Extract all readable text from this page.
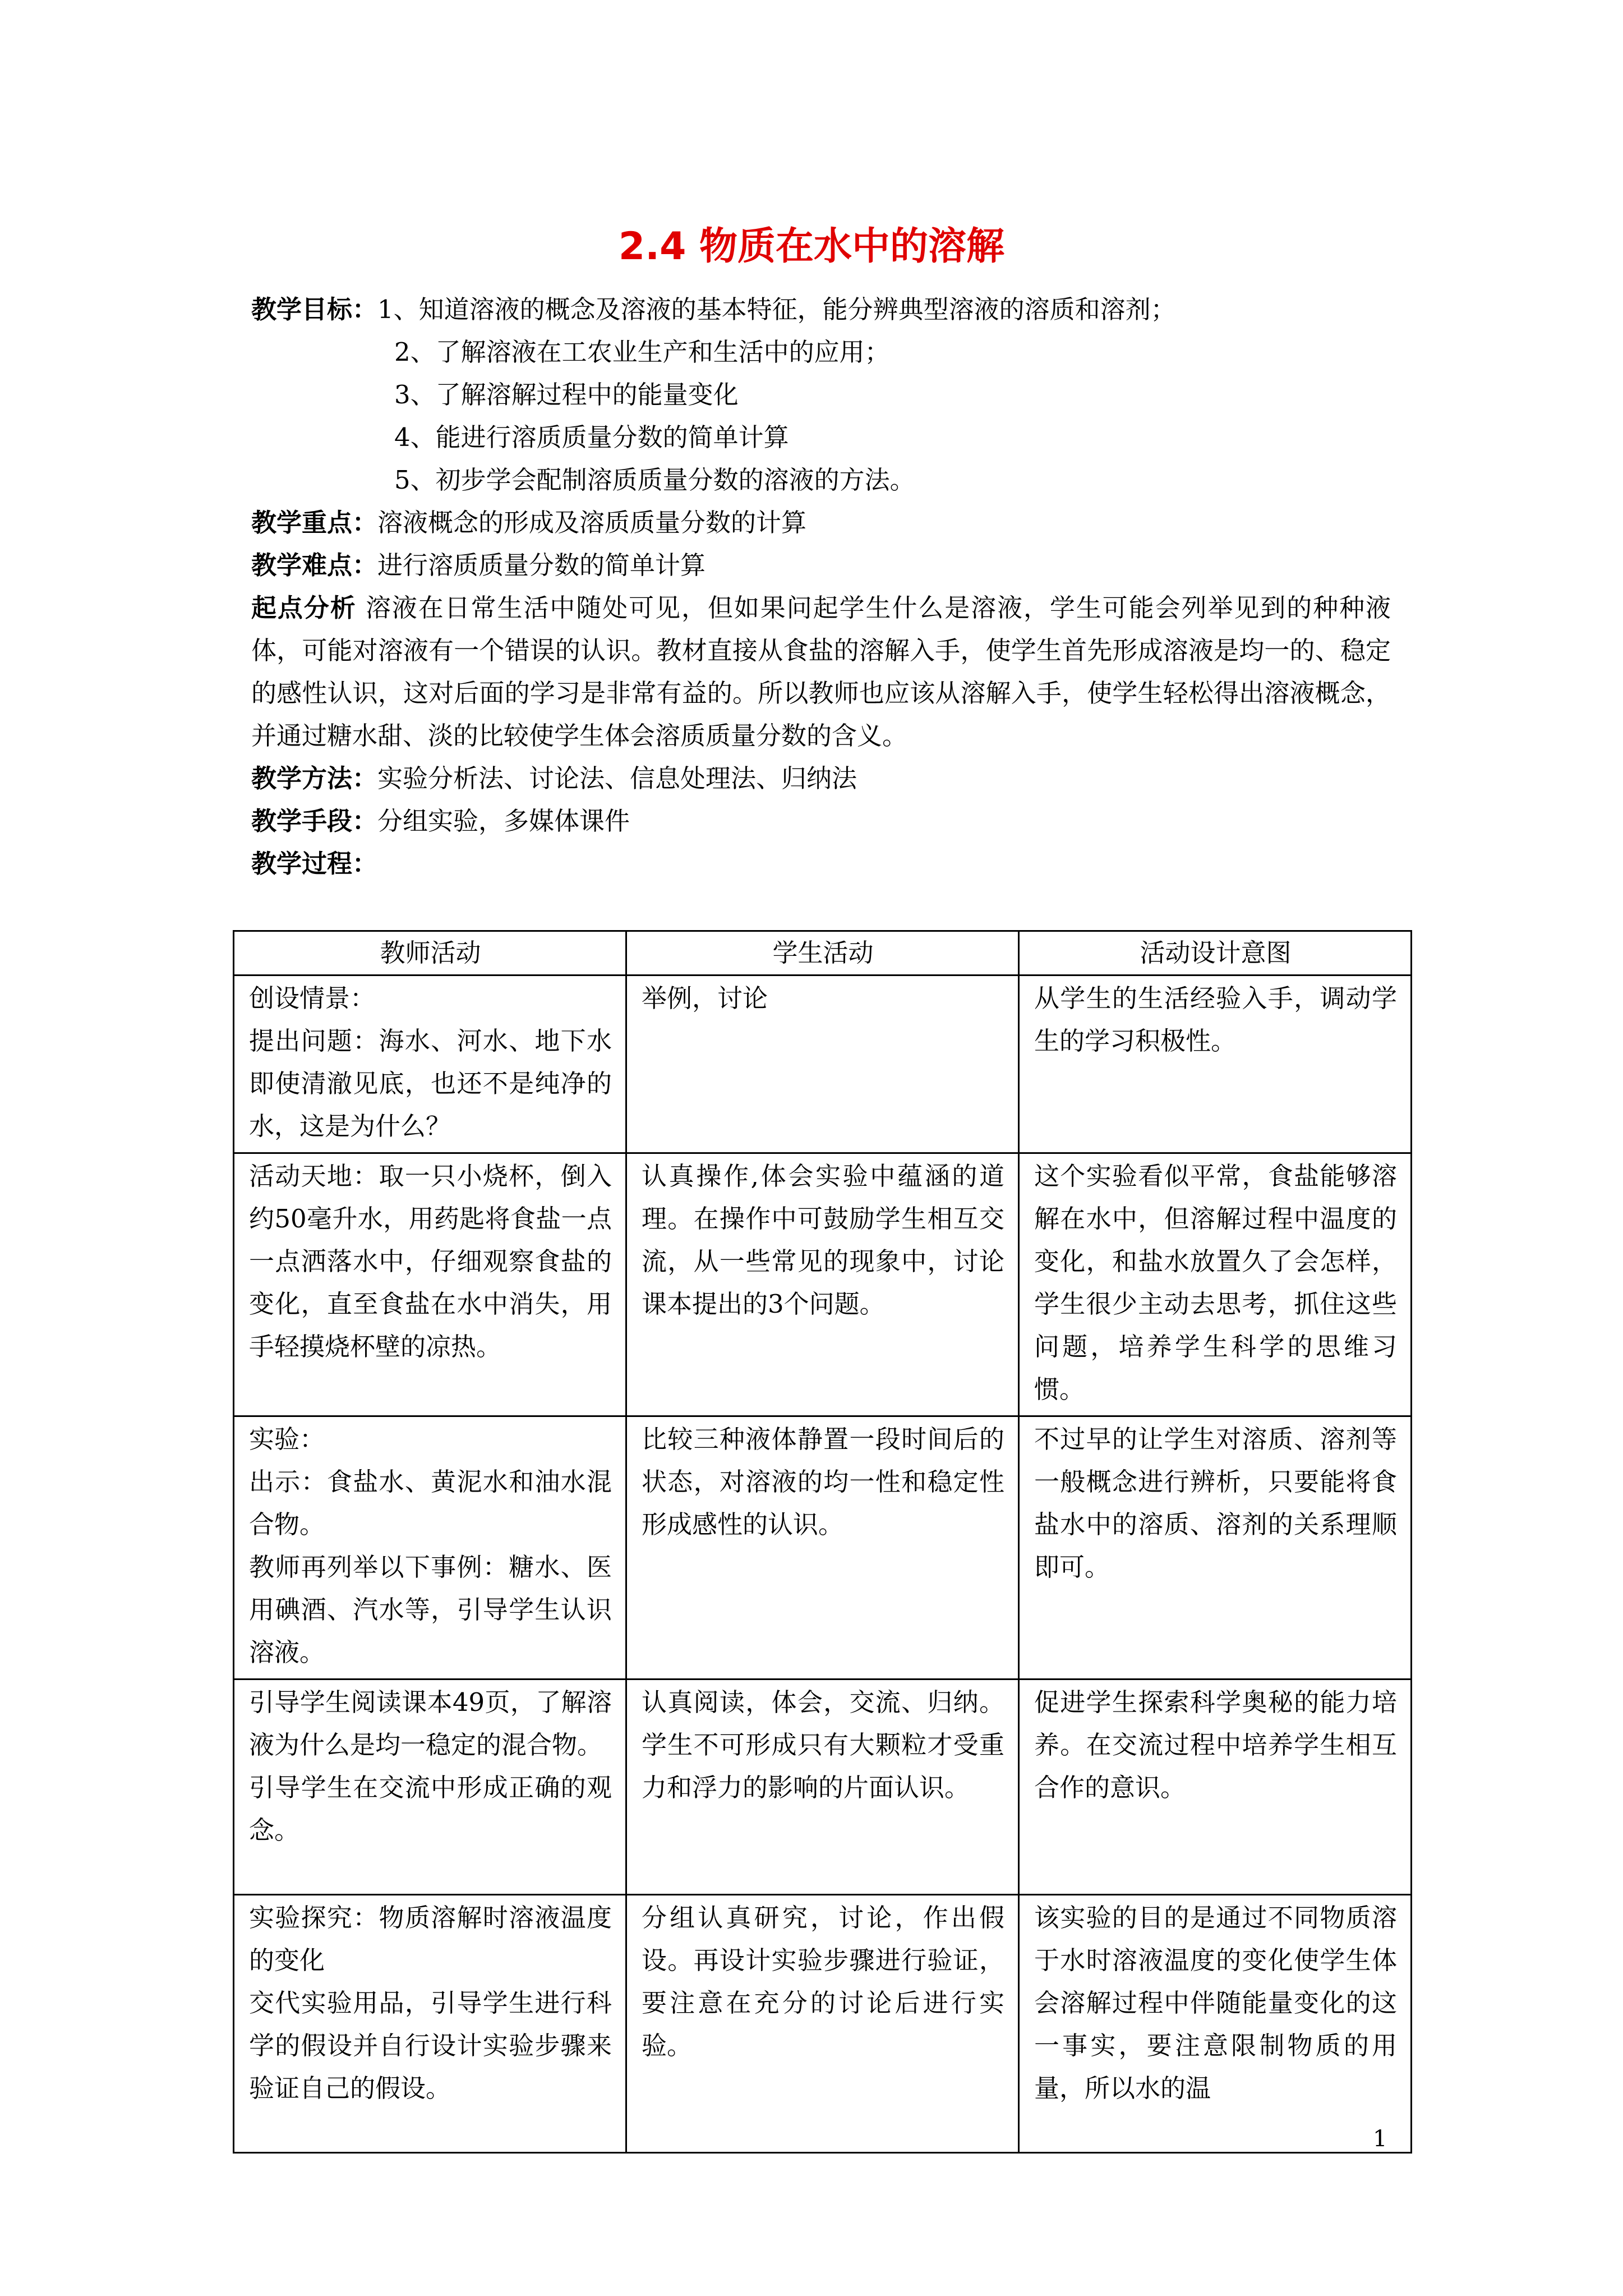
2.4 物质在水中的溶解
教学目标：1、知道溶液的概念及溶液的基本特征，能分辨典型溶液的溶质和溶剂；
2、了解溶液在工农业生产和生活中的应用；
3、了解溶解过程中的能量变化
4、能进行溶质质量分数的简单计算
5、初步学会配制溶质质量分数的溶液的方法。
教学重点：溶液概念的形成及溶质质量分数的计算
教学难点：进行溶质质量分数的简单计算
起点分析 溶液在日常生活中随处可见，但如果问起学生什么是溶液，学生可能会列举见到的种种液体，可能对溶液有一个错误的认识。教材直接从食盐的溶解入手，使学生首先形成溶液是均一的、稳定的感性认识，这对后面的学习是非常有益的。所以教师也应该从溶解入手，使学生轻松得出溶液概念，并通过糖水甜、淡的比较使学生体会溶质质量分数的含义。
教学方法：实验分析法、讨论法、信息处理法、归纳法
教学手段：分组实验，多媒体课件
教学过程：
教师活动	学生活动	活动设计意图

创设情景：
提出问题：海水、河水、地下水即使清澈见底，也还不是纯净的水，这是为什么？	举例，讨论	从学生的生活经验入手，调动学生的学习积极性。

活动天地：取一只小烧杯，倒入约50毫升水，用药匙将食盐一点一点洒落水中，仔细观察食盐的变化，直至食盐在水中消失，用手轻摸烧杯壁的凉热。	认真操作,体会实验中蕴涵的道理。在操作中可鼓励学生相互交流，从一些常见的现象中，讨论课本提出的3个问题。	这个实验看似平常，食盐能够溶解在水中，但溶解过程中温度的变化，和盐水放置久了会怎样，学生很少主动去思考，抓住这些问题，培养学生科学的思维习惯。

实验：
出示：食盐水、黄泥水和油水混合物。
教师再列举以下事例：糖水、医用碘酒、汽水等，引导学生认识溶液。	比较三种液体静置一段时间后的状态，对溶液的均一性和稳定性形成感性的认识。	不过早的让学生对溶质、溶剂等一般概念进行辨析，只要能将食盐水中的溶质、溶剂的关系理顺即可。

引导学生阅读课本49页，了解溶液为什么是均一稳定的混合物。
引导学生在交流中形成正确的观念。	认真阅读，体会，交流、归纳。学生不可形成只有大颗粒才受重力和浮力的影响的片面认识。	促进学生探索科学奥秘的能力培养。在交流过程中培养学生相互合作的意识。

实验探究：物质溶解时溶液温度的变化
交代实验用品，引导学生进行科学的假设并自行设计实验步骤来验证自己的假设。	分组认真研究，讨论，作出假设。再设计实验步骤进行验证，要注意在充分的讨论后进行实验。	该实验的目的是通过不同物质溶于水时溶液温度的变化使学生体会溶解过程中伴随能量变化的这一事实，要注意限制物质的用量，所以水的温
1
